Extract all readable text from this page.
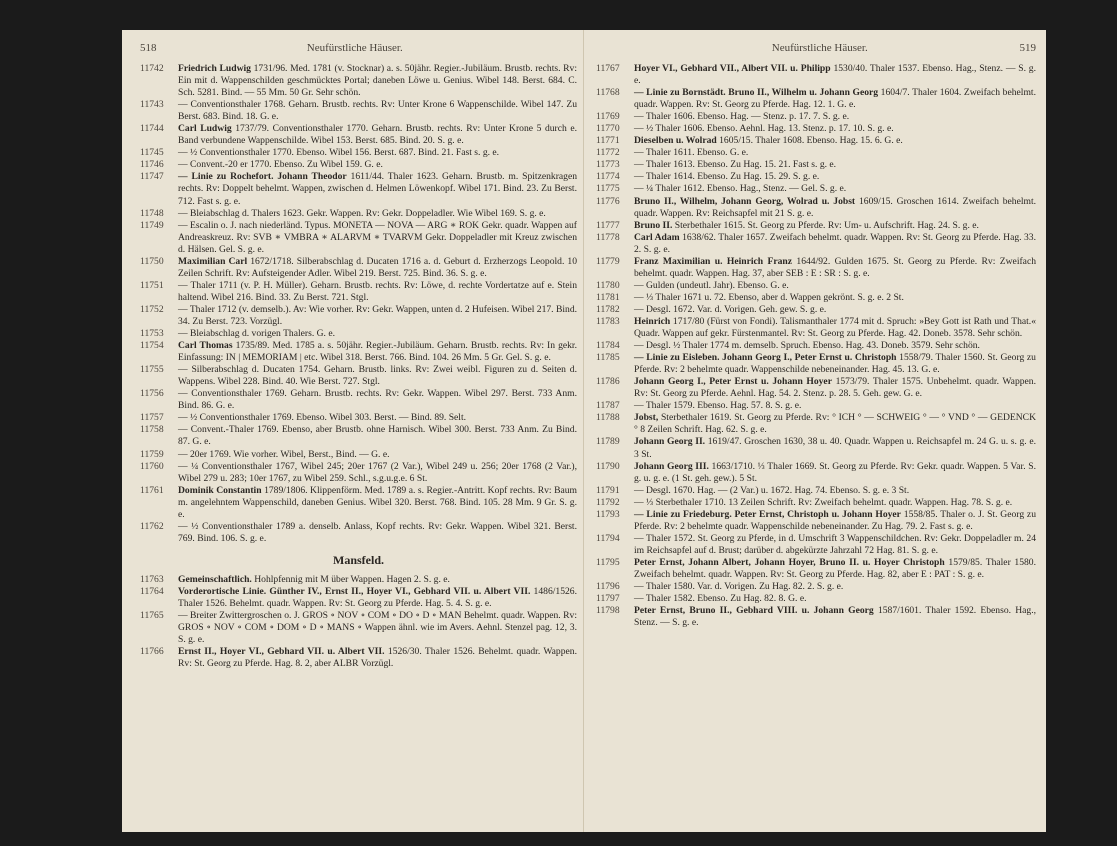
518	Neufürstliche Häuser.
11742	Friedrich Ludwig 1731/96. Med. 1781 (v. Stocknar) a. s. 50jähr. Regier.-Jubiläum. Brustb. rechts. Rv: Ein mit d. Wappenschilden geschmücktes Portal; daneben Löwe u. Genius. Wibel 148. Berst. 684. C. Sch. 5281. Bind. — 55 Mm. 50 Gr. Sehr schön.
11743	— Conventionsthaler 1768. Geharn. Brustb. rechts. Rv: Unter Krone 6 Wappenschilde. Wibel 147. Zu Berst. 683. Bind. 18. G. e.
11744	Carl Ludwig 1737/79. Conventionsthaler 1770. Geharn. Brustb. rechts. Rv: Unter Krone 5 durch e. Band verbundene Wappenschilde. Wibel 153. Berst. 685. Bind. 20. S. g. e.
11745	— ½ Conventionsthaler 1770. Ebenso. Wibel 156. Berst. 687. Bind. 21. Fast s. g. e.
11746	— Convent.-20 er 1770. Ebenso. Zu Wibel 159. G. e.
11747	— Linie zu Rochefort. Johann Theodor 1611/44. Thaler 1623. Geharn. Brustb. m. Spitzenkragen rechts. Rv: Doppelt behelmt. Wappen, zwischen d. Helmen Löwenkopf. Wibel 171. Bind. 23. Zu Berst. 712. Fast s. g. e.
11748	— Bleiabschlag d. Thalers 1623. Gekr. Wappen. Rv: Gekr. Doppeladler. Wie Wibel 169. S. g. e.
11749	— Escalin o. J. nach niederländ. Typus. MONETA — NOVA — ARG ∗ ROK Gekr. quadr. Wappen auf Andreaskreuz. Rv: SVB ∗ VMBRA ∗ ALARVM ∗ TVARVM Gekr. Doppeladler mit Kreuz zwischen d. Hälsen. Gel. S. g. e.
11750	Maximilian Carl 1672/1718. Silberabschlag d. Ducaten 1716 a. d. Geburt d. Erzherzogs Leopold. 10 Zeilen Schrift. Rv: Aufsteigender Adler. Wibel 219. Berst. 725. Bind. 36. S. g. e.
11751	— Thaler 1711 (v. P. H. Müller). Geharn. Brustb. rechts. Rv: Löwe, d. rechte Vordertatze auf e. Stein haltend. Wibel 216. Bind. 33. Zu Berst. 721. Stgl.
11752	— Thaler 1712 (v. demselb.). Av: Wie vorher. Rv: Gekr. Wappen, unten d. 2 Hufeisen. Wibel 217. Bind. 34. Zu Berst. 723. Vorzügl.
11753	— Bleiabschlag d. vorigen Thalers. G. e.
11754	Carl Thomas 1735/89. Med. 1785 a. s. 50jähr. Regier.-Jubiläum. Geharn. Brustb. rechts. Rv: In gekr. Einfassung: IN | MEMORIAM | etc. Wibel 318. Berst. 766. Bind. 104. 26 Mm. 5 Gr. Gel. S. g. e.
11755	— Silberabschlag d. Ducaten 1754. Geharn. Brustb. links. Rv: Zwei weibl. Figuren zu d. Seiten d. Wappens. Wibel 228. Bind. 40. Wie Berst. 727. Stgl.
11756	— Conventionsthaler 1769. Geharn. Brustb. rechts. Rv: Gekr. Wappen. Wibel 297. Berst. 733 Anm. Bind. 86. G. e.
11757	— ½ Conventionsthaler 1769. Ebenso. Wibel 303. Berst. — Bind. 89. Selt.
11758	— Convent.-Thaler 1769. Ebenso, aber Brustb. ohne Harnisch. Wibel 300. Berst. 733 Anm. Zu Bind. 87. G. e.
11759	— 20er 1769. Wie vorher. Wibel, Berst., Bind. — G. e.
11760	— ¼ Conventionsthaler 1767, Wibel 245; 20er 1767 (2 Var.), Wibel 249 u. 256; 20er 1768 (2 Var.), Wibel 279 u. 283; 10er 1767, zu Wibel 259. Schl., s.g.u.g.e. 6 St.
11761	Dominik Constantin 1789/1806. Klippenförm. Med. 1789 a. s. Regier.-Antritt. Kopf rechts. Rv: Baum m. angelehntem Wappenschild, daneben Genius. Wibel 320. Berst. 768. Bind. 105. 28 Mm. 9 Gr. S. g. e.
11762	— ½ Conventionsthaler 1789 a. denselb. Anlass, Kopf rechts. Rv: Gekr. Wappen. Wibel 321. Berst. 769. Bind. 106. S. g. e.
Mansfeld.
11763	Gemeinschaftlich. Hohlpfennig mit M über Wappen. Hagen 2. S. g. e.
11764	Vorderortische Linie. Günther IV., Ernst II., Hoyer VI., Gebhard VII. u. Albert VII. 1486/1526. Thaler 1526. Behelmt. quadr. Wappen. Rv: St. Georg zu Pferde. Hag. 5. 4. S. g. e.
11765	— Breiter Zwittergroschen o. J. GROS ∘ NOV ∘ COM ∘ DO ∘ D ∘ MAN Behelmt. quadr. Wappen. Rv: GROS ∘ NOV ∘ COM ∘ DOM ∘ D ∘ MANS ∘ Wappen ähnl. wie im Avers. Aehnl. Stenzel pag. 12, 3. S. g. e.
11766	Ernst II., Hoyer VI., Gebhard VII. u. Albert VII. 1526/30. Thaler 1526. Behelmt. quadr. Wappen. Rv: St. Georg zu Pferde. Hag. 8. 2, aber ALBR Vorzügl.
Neufürstliche Häuser.	519
11767	Hoyer VI., Gebhard VII., Albert VII. u. Philipp 1530/40. Thaler 1537. Ebenso. Hag., Stenz. — S. g. e.
11768	— Linie zu Bornstädt. Bruno II., Wilhelm u. Johann Georg 1604/7. Thaler 1604. Zweifach behelmt. quadr. Wappen. Rv: St. Georg zu Pferde. Hag. 12. 1. G. e.
11769	— Thaler 1606. Ebenso. Hag. — Stenz. p. 17. 7. S. g. e.
11770	— ½ Thaler 1606. Ebenso. Aehnl. Hag. 13. Stenz. p. 17. 10. S. g. e.
11771	Dieselben u. Wolrad 1605/15. Thaler 1608. Ebenso. Hag. 15. 6. G. e.
11772	— Thaler 1611. Ebenso. G. e.
11773	— Thaler 1613. Ebenso. Zu Hag. 15. 21. Fast s. g. e.
11774	— Thaler 1614. Ebenso. Zu Hag. 15. 29. S. g. e.
11775	— ¼ Thaler 1612. Ebenso. Hag., Stenz. — Gel. S. g. e.
11776	Bruno II., Wilhelm, Johann Georg, Wolrad u. Jobst 1609/15. Groschen 1614. Zweifach behelmt. quadr. Wappen. Rv: Reichsapfel mit 21 S. g. e.
11777	Bruno II. Sterbethaler 1615. St. Georg zu Pferde. Rv: Um- u. Aufschrift. Hag. 24. S. g. e.
11778	Carl Adam 1638/62. Thaler 1657. Zweifach behelmt. quadr. Wappen. Rv: St. Georg zu Pferde. Hag. 33. 2. S. g. e.
11779	Franz Maximilian u. Heinrich Franz 1644/92. Gulden 1675. St. Georg zu Pferde. Rv: Zweifach behelmt. quadr. Wappen. Hag. 37, aber SEB : E : SR : S. g. e.
11780	— Gulden (undeutl. Jahr). Ebenso. G. e.
11781	— ⅓ Thaler 1671 u. 72. Ebenso, aber d. Wappen gekrönt. S. g. e. 2 St.
11782	— Desgl. 1672. Var. d. Vorigen. Geh. gew. S. g. e.
11783	Heinrich 1717/80 (Fürst von Fondi). Talismanthaler 1774 mit d. Spruch: »Bey Gott ist Rath und That.« Quadr. Wappen auf gekr. Fürstenmantel. Rv: St. Georg zu Pferde. Hag. 42. Doneb. 3578. Sehr schön.
11784	— Desgl. ½ Thaler 1774 m. demselb. Spruch. Ebenso. Hag. 43. Doneb. 3579. Sehr schön.
11785	— Linie zu Eisleben. Johann Georg I., Peter Ernst u. Christoph 1558/79. Thaler 1560. St. Georg zu Pferde. Rv: 2 behelmte quadr. Wappenschilde nebeneinander. Hag. 45. 13. G. e.
11786	Johann Georg I., Peter Ernst u. Johann Hoyer 1573/79. Thaler 1575. Unbehelmt. quadr. Wappen. Rv: St. Georg zu Pferde. Aehnl. Hag. 54. 2. Stenz. p. 28. 5. Geh. gew. G. e.
11787	— Thaler 1579. Ebenso. Hag. 57. 8. S. g. e.
11788	Jobst, Sterbethaler 1619. St. Georg zu Pferde. Rv: ° ICH ° — SCHWEIG ° — ° VND ° — GEDENCK ° 8 Zeilen Schrift. Hag. 62. S. g. e.
11789	Johann Georg II. 1619/47. Groschen 1630, 38 u. 40. Quadr. Wappen u. Reichsapfel m. 24 G. u. s. g. e. 3 St.
11790	Johann Georg III. 1663/1710. ⅓ Thaler 1669. St. Georg zu Pferde. Rv: Gekr. quadr. Wappen. 5 Var. S. g. u. g. e. (1 St. geh. gew.). 5 St.
11791	— Desgl. 1670. Hag. — (2 Var.) u. 1672. Hag. 74. Ebenso. S. g. e. 3 St.
11792	— ⅓ Sterbethaler 1710. 13 Zeilen Schrift. Rv: Zweifach behelmt. quadr. Wappen. Hag. 78. S. g. e.
11793	— Linie zu Friedeburg. Peter Ernst, Christoph u. Johann Hoyer 1558/85. Thaler o. J. St. Georg zu Pferde. Rv: 2 behelmte quadr. Wappenschilde nebeneinander. Zu Hag. 79. 2. Fast s. g. e.
11794	— Thaler 1572. St. Georg zu Pferde, in d. Umschrift 3 Wappenschildchen. Rv: Gekr. Doppeladler m. 24 im Reichsapfel auf d. Brust; darüber d. abgekürzte Jahrzahl 72 Hag. 81. S. g. e.
11795	Peter Ernst, Johann Albert, Johann Hoyer, Bruno II. u. Hoyer Christoph 1579/85. Thaler 1580. Zweifach behelmt. quadr. Wappen. Rv: St. Georg zu Pferde. Hag. 82, aber E : PAT : S. g. e.
11796	— Thaler 1580. Var. d. Vorigen. Zu Hag. 82. 2. S. g. e.
11797	— Thaler 1582. Ebenso. Zu Hag. 82. 8. G. e.
11798	Peter Ernst, Bruno II., Gebhard VIII. u. Johann Georg 1587/1601. Thaler 1592. Ebenso. Hag., Stenz. — S. g. e.
